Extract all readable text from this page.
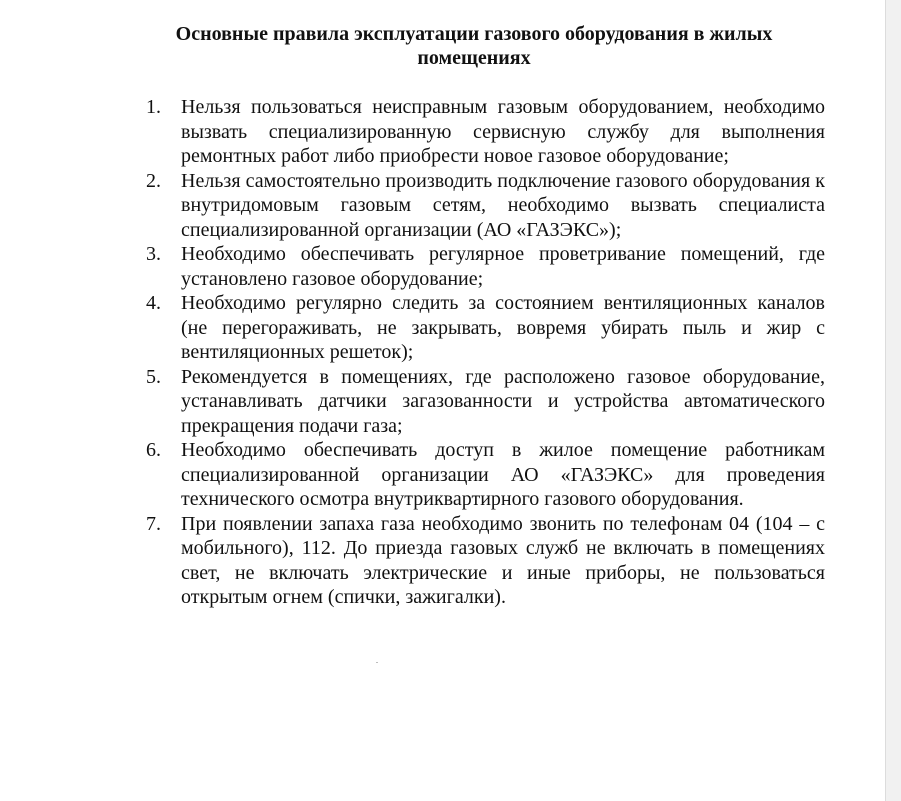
Основные правила эксплуатации газового оборудования в жилых помещениях
1.	Нельзя пользоваться неисправным газовым оборудованием, необходимо вызвать специализированную сервисную службу для выполнения ремонтных работ либо приобрести новое газовое оборудование;
2.	Нельзя самостоятельно производить подключение газового оборудования к внутридомовым газовым сетям, необходимо вызвать специалиста специализированной организации (АО «ГАЗЭКС»);
3.	Необходимо обеспечивать регулярное проветривание помещений, где установлено газовое оборудование;
4.	Необходимо регулярно следить за состоянием вентиляционных каналов (не перегораживать, не закрывать, вовремя убирать пыль и жир с вентиляционных решеток);
5.	Рекомендуется в помещениях, где расположено газовое оборудование, устанавливать датчики загазованности и устройства автоматического прекращения подачи газа;
6.	Необходимо обеспечивать доступ в жилое помещение работникам специализированной организации АО «ГАЗЭКС» для проведения технического осмотра внутриквартирного газового оборудования.
7.	При появлении запаха газа необходимо звонить по телефонам 04 (104 – с мобильного), 112. До приезда газовых служб не включать в помещениях свет, не включать электрические и иные приборы, не пользоваться открытым огнем (спички, зажигалки).
